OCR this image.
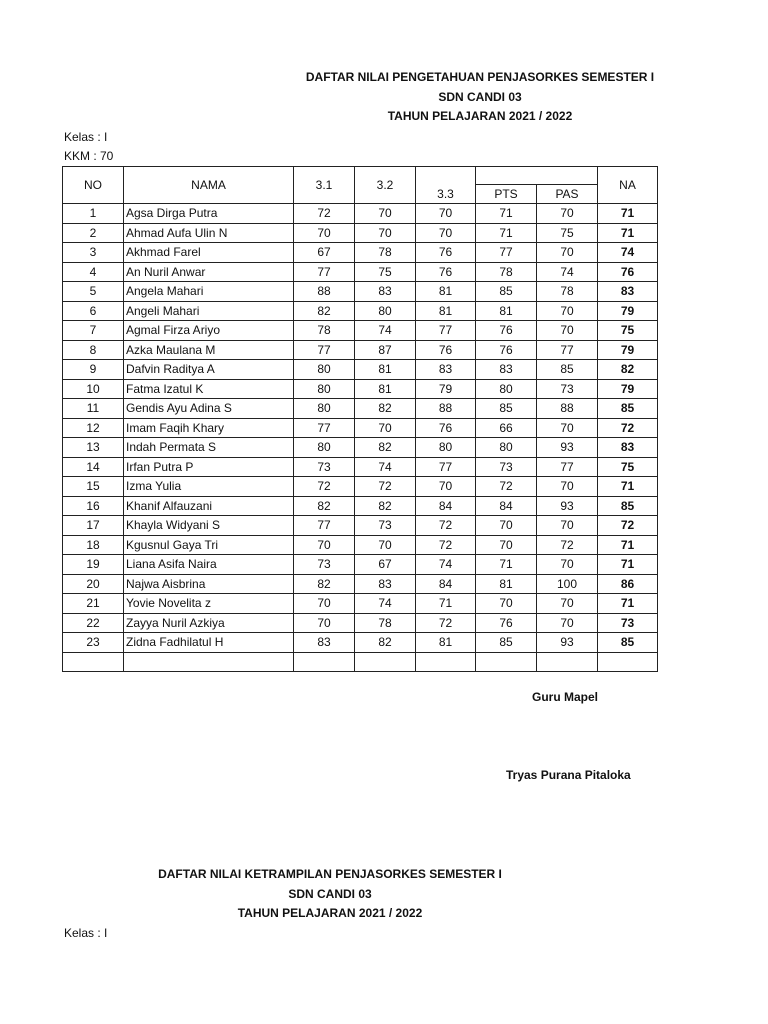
DAFTAR NILAI PENGETAHUAN PENJASORKES SEMESTER I
SDN CANDI 03
TAHUN PELAJARAN 2021 / 2022
Kelas : I
KKM : 70
NO	NAMA	3.1	3.2	3.3			NA
					PTS	PAS	
1	Agsa Dirga Putra	72	70	70	71	70	71
2	Ahmad Aufa Ulin N	70	70	70	71	75	71
3	Akhmad Farel	67	78	76	77	70	74
4	An Nuril Anwar	77	75	76	78	74	76
5	Angela Mahari	88	83	81	85	78	83
6	Angeli Mahari	82	80	81	81	70	79
7	Agmal Firza Ariyo	78	74	77	76	70	75
8	Azka Maulana M	77	87	76	76	77	79
9	Dafvin Raditya A	80	81	83	83	85	82
10	Fatma Izatul K	80	81	79	80	73	79
11	Gendis Ayu Adina S	80	82	88	85	88	85
12	Imam Faqih Khary	77	70	76	66	70	72
13	Indah Permata S	80	82	80	80	93	83
14	Irfan Putra P	73	74	77	73	77	75
15	Izma Yulia	72	72	70	72	70	71
16	Khanif Alfauzani	82	82	84	84	93	85
17	Khayla Widyani S	77	73	72	70	70	72
18	Kgusnul Gaya Tri	70	70	72	70	72	71
19	Liana Asifa Naira	73	67	74	71	70	71
20	Najwa Aisbrina	82	83	84	81	100	86
21	Yovie Novelita z	70	74	71	70	70	71
22	Zayya Nuril Azkiya	70	78	72	76	70	73
23	Zidna Fadhilatul H	83	82	81	85	93	85

Guru Mapel
Tryas Purana Pitaloka
DAFTAR NILAI KETRAMPILAN PENJASORKES SEMESTER I
SDN CANDI 03
TAHUN PELAJARAN 2021 / 2022
Kelas : I
